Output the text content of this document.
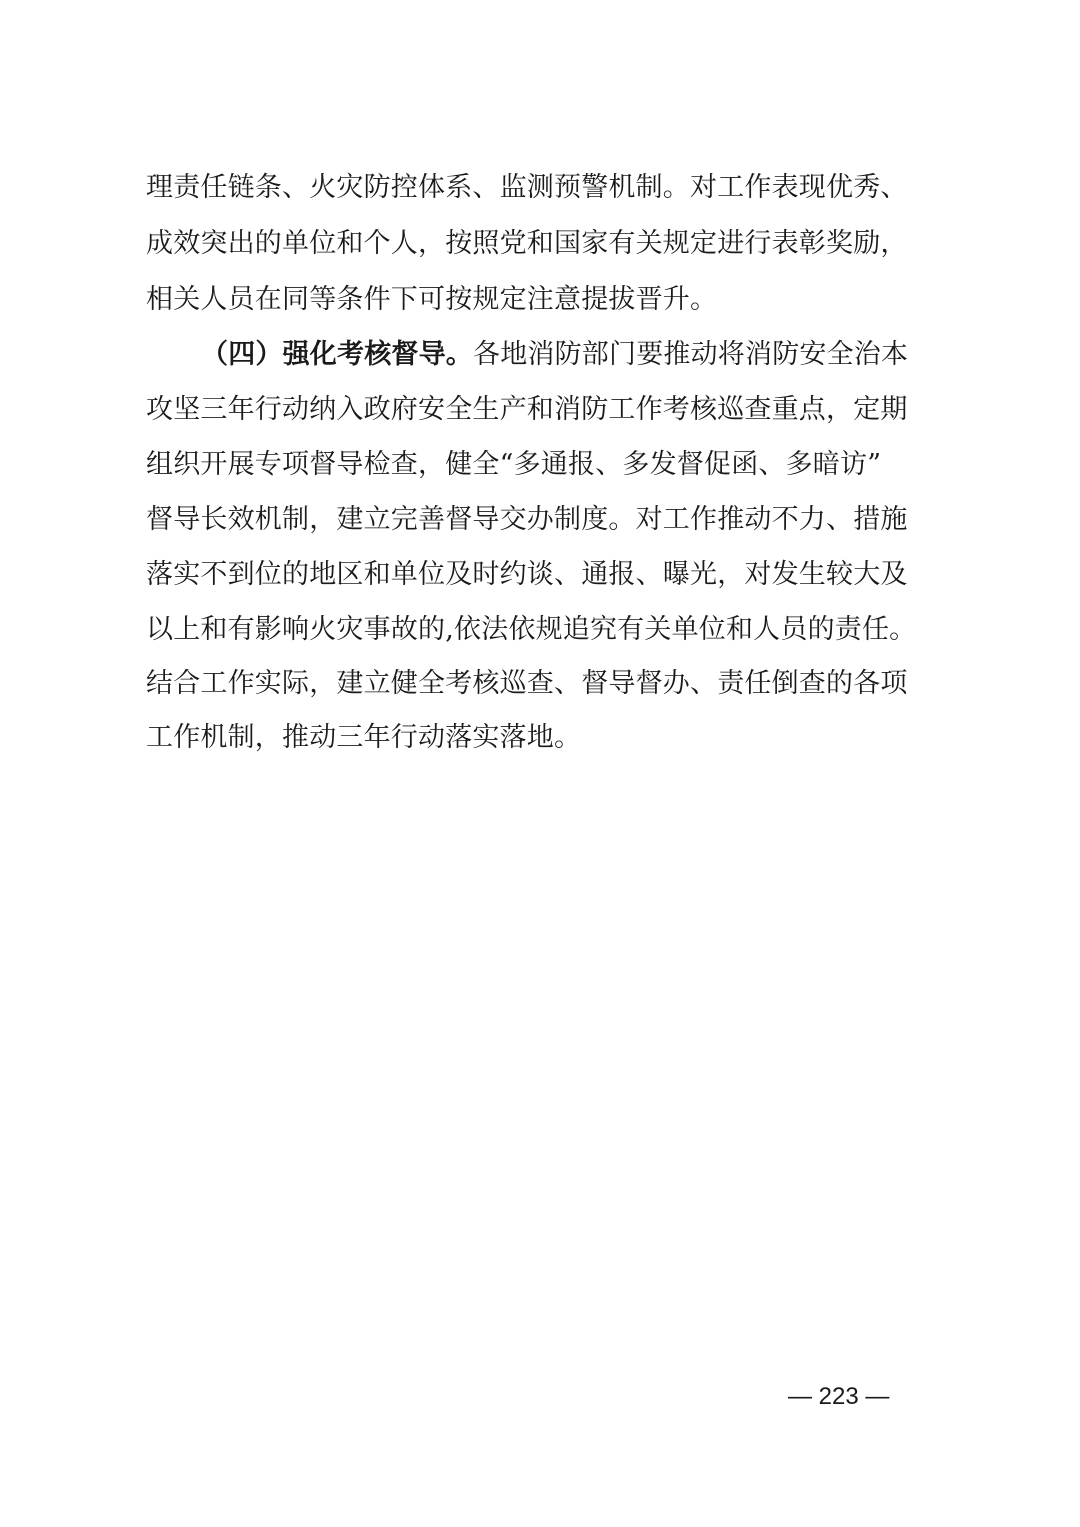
理责任链条、火灾防控体系、监测预警机制。对工作表现优秀、
成效突出的单位和个人，按照党和国家有关规定进行表彰奖励，
相关人员在同等条件下可按规定注意提拔晋升。
（四）强化考核督导。各地消防部门要推动将消防安全治本
攻坚三年行动纳入政府安全生产和消防工作考核巡查重点，定期
组织开展专项督导检查，健全“多通报、多发督促函、多暗访”
督导长效机制，建立完善督导交办制度。对工作推动不力、措施
落实不到位的地区和单位及时约谈、通报、曝光，对发生较大及
以上和有影响火灾事故的,依法依规追究有关单位和人员的责任。
结合工作实际，建立健全考核巡查、督导督办、责任倒查的各项
工作机制，推动三年行动落实落地。
— 223 —
